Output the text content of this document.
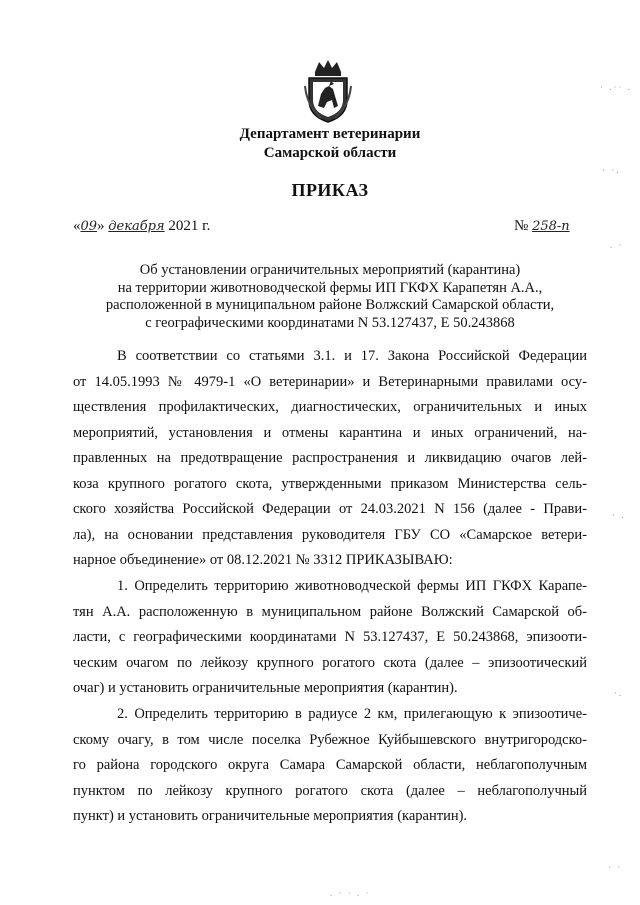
Департамент ветеринарии
Самарской области
ПРИКАЗ
«09» декабря 2021 г.	№ 258-п
Об установлении ограничительных мероприятий (карантина)
на территории животноводческой фермы ИП ГКФХ Карапетян А.А.,
расположенной в муниципальном районе Волжский Самарской области,
с географическими координатами N 53.127437, E 50.243868
В соответствии со статьями 3.1. и 17. Закона Российской Федерации
от 14.05.1993 № 4979-1 «О ветеринарии» и Ветеринарными правилами осу-
ществления профилактических, диагностических, ограничительных и иных
мероприятий, установления и отмены карантина и иных ограничений, на-
правленных на предотвращение распространения и ликвидацию очагов лей-
коза крупного рогатого скота, утвержденными приказом Министерства сель-
ского хозяйства Российской Федерации от 24.03.2021 N 156 (далее - Прави-
ла), на основании представления руководителя ГБУ СО «Самарское ветери-
нарное объединение» от 08.12.2021 № 3312 ПРИКАЗЫВАЮ:
1. Определить территорию животноводческой фермы ИП ГКФХ Карапе-
тян А.А. расположенную в муниципальном районе Волжский Самарской об-
ласти, с географическими координатами N 53.127437, E 50.243868, эпизооти-
ческим очагом по лейкозу крупного рогатого скота (далее – эпизоотический
очаг) и установить ограничительные мероприятия (карантин).
2. Определить территорию в радиусе 2 км, прилегающую к эпизоотиче-
скому очагу, в том числе поселка Рубежное Куйбышевского внутригородско-
го района городского округа Самара Самарской области, неблагополучным
пунктом по лейкозу крупного рогатого скота (далее – неблагополучный
пункт) и установить ограничительные мероприятия (карантин).
· .·· .
· ·.
. ·
· .
·.
· ·
. · · . ·
